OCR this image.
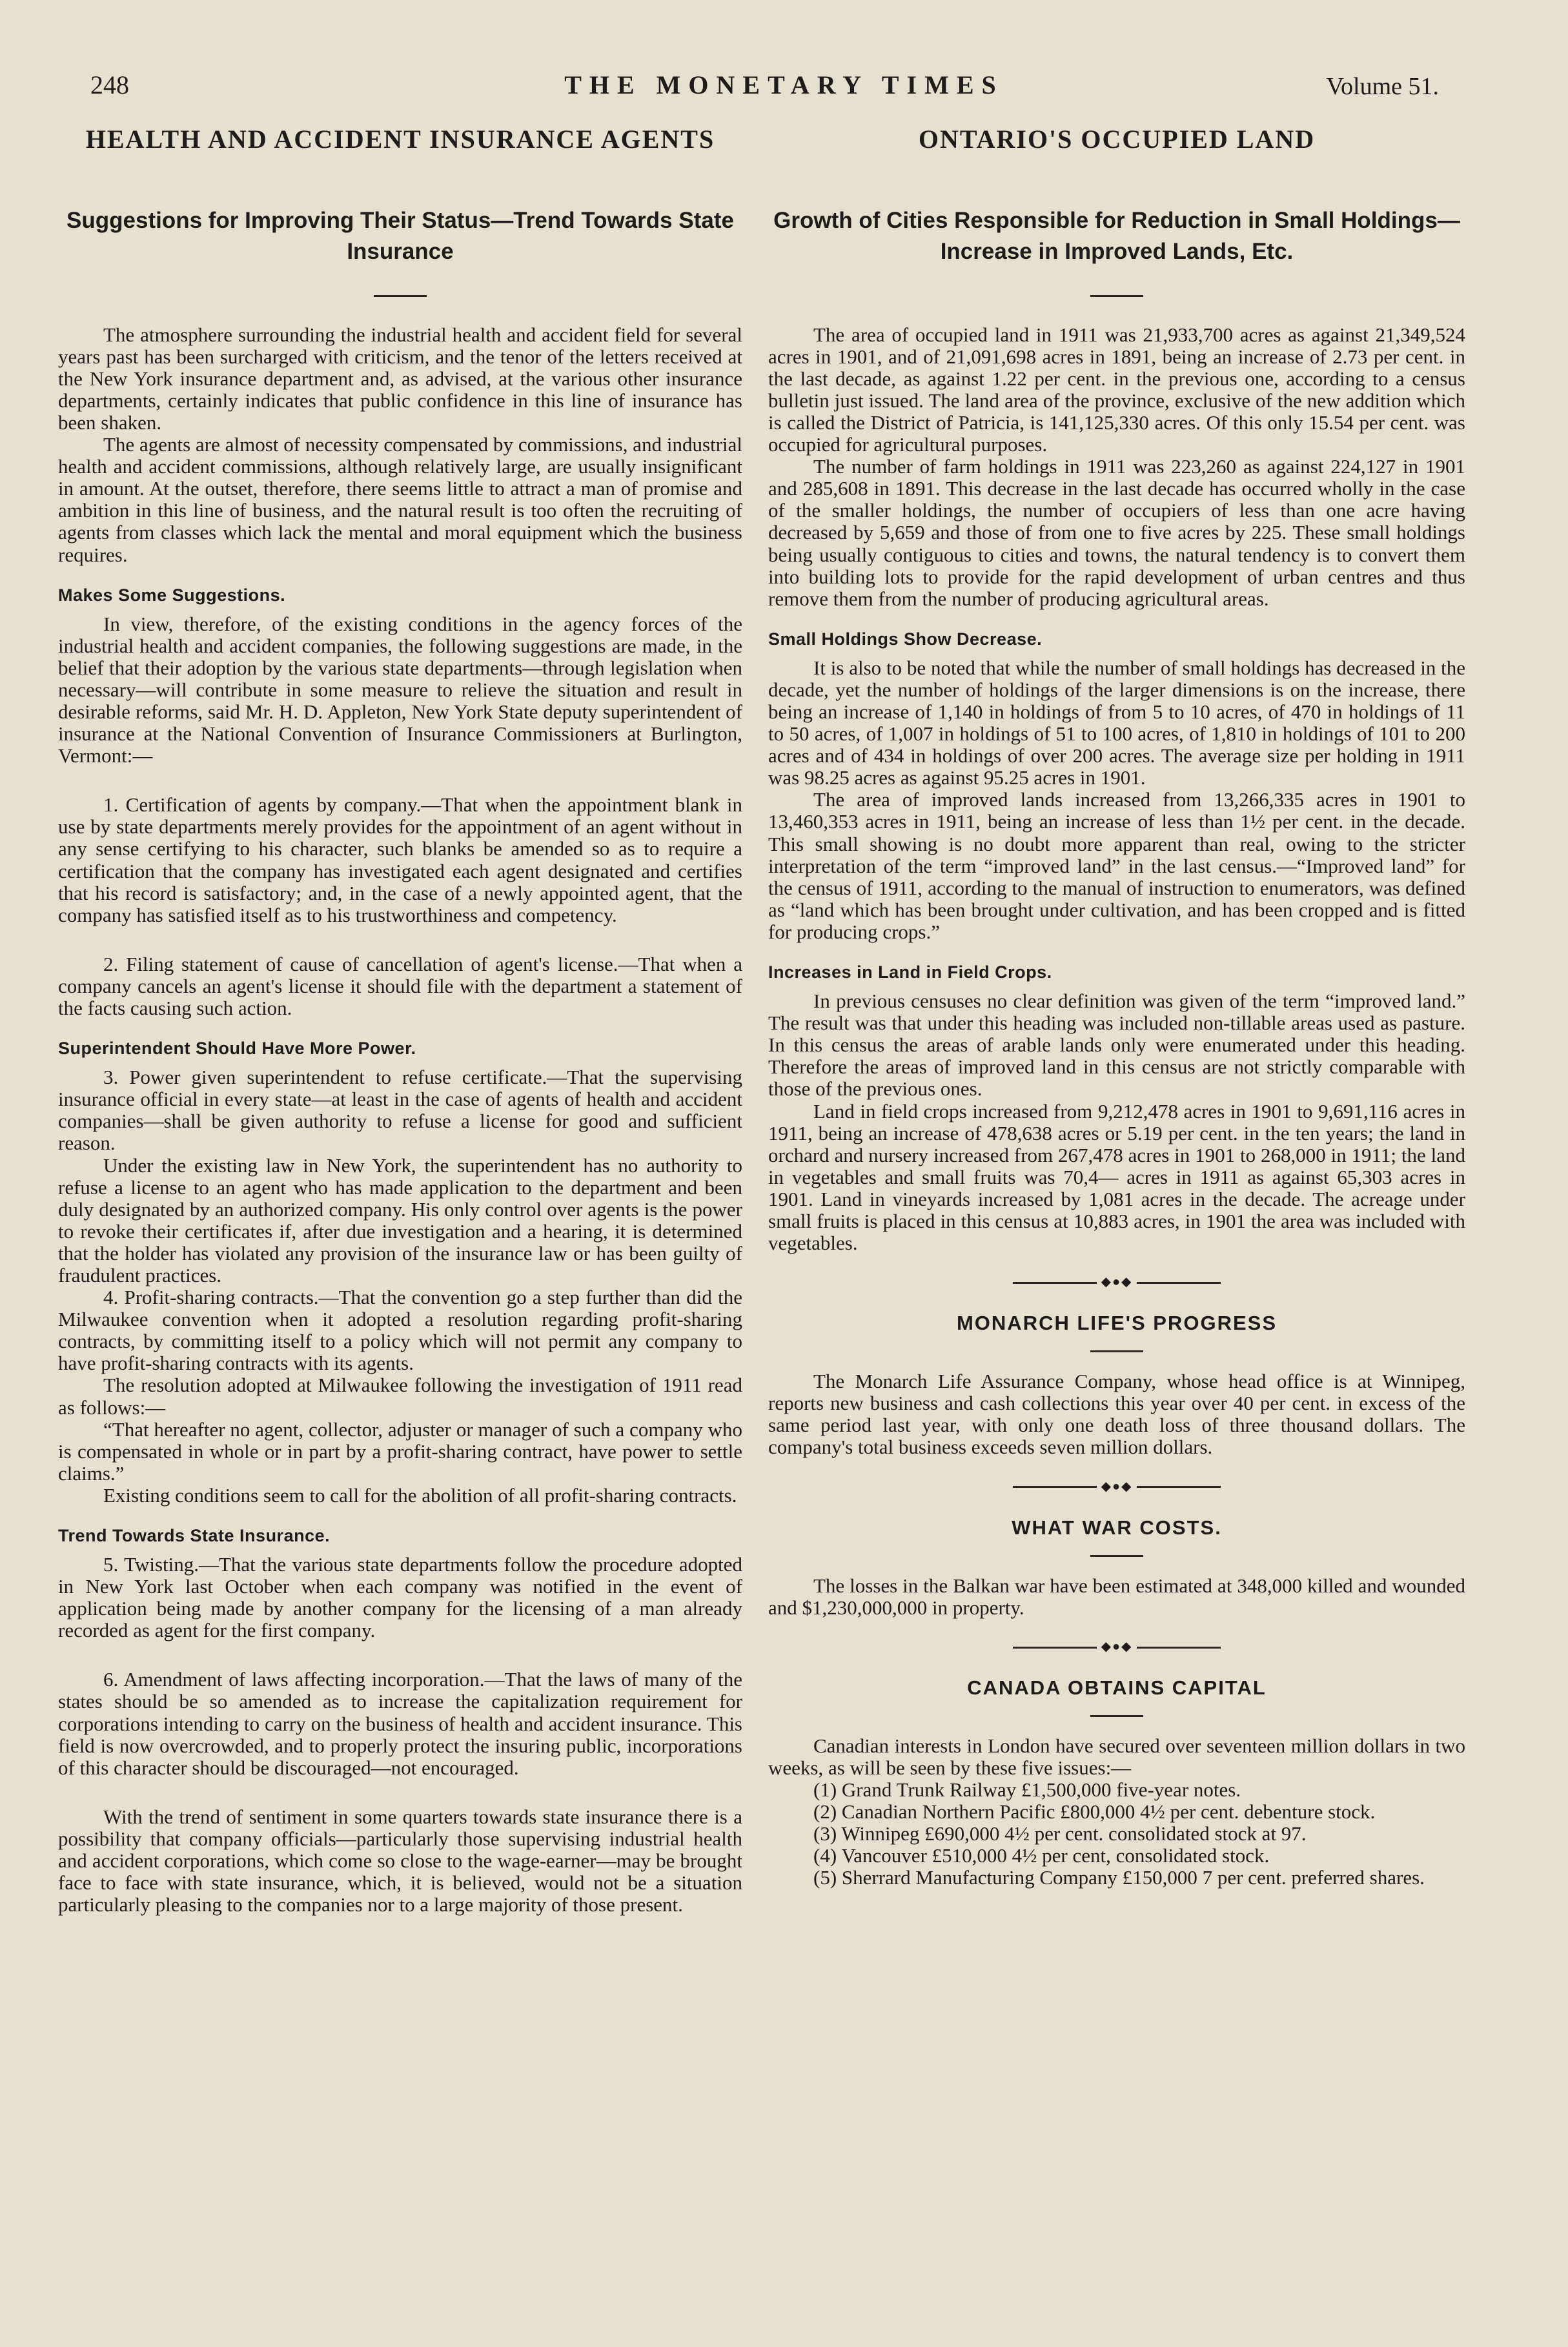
THE MONETARY TIMES
248	Volume 51.
HEALTH AND ACCIDENT INSURANCE AGENTS
Suggestions for Improving Their Status—Trend Towards State Insurance

The atmosphere surrounding the industrial health and accident field for several years past has been surcharged with criticism, and the tenor of the letters received at the New York insurance department and, as advised, at the various other insurance departments, certainly indicates that public confidence in this line of insurance has been shaken.

The agents are almost of necessity compensated by commissions, and industrial health and accident commissions, although relatively large, are usually insignificant in amount. At the outset, therefore, there seems little to attract a man of promise and ambition in this line of business, and the natural result is too often the recruiting of agents from classes which lack the mental and moral equipment which the business requires.

Makes Some Suggestions.

In view, therefore, of the existing conditions in the agency forces of the industrial health and accident companies, the following suggestions are made, in the belief that their adoption by the various state departments—through legislation when necessary—will contribute in some measure to relieve the situation and result in desirable reforms, said Mr. H. D. Appleton, New York State deputy superintendent of insurance at the National Convention of Insurance Commissioners at Burlington, Vermont:—

1. Certification of agents by company.—That when the appointment blank in use by state departments merely provides for the appointment of an agent without in any sense certifying to his character, such blanks be amended so as to require a certification that the company has investigated each agent designated and certifies that his record is satisfactory; and, in the case of a newly appointed agent, that the company has satisfied itself as to his trustworthiness and competency.

2. Filing statement of cause of cancellation of agent's license.—That when a company cancels an agent's license it should file with the department a statement of the facts causing such action.

Superintendent Should Have More Power.

3. Power given superintendent to refuse certificate.—That the supervising insurance official in every state—at least in the case of agents of health and accident companies—shall be given authority to refuse a license for good and sufficient reason.

Under the existing law in New York, the superintendent has no authority to refuse a license to an agent who has made application to the department and been duly designated by an authorized company. His only control over agents is the power to revoke their certificates if, after due investigation and a hearing, it is determined that the holder has violated any provision of the insurance law or has been guilty of fraudulent practices.

4. Profit-sharing contracts.—That the convention go a step further than did the Milwaukee convention when it adopted a resolution regarding profit-sharing contracts, by committing itself to a policy which will not permit any company to have profit-sharing contracts with its agents.

The resolution adopted at Milwaukee following the investigation of 1911 read as follows:—

“That hereafter no agent, collector, adjuster or manager of such a company who is compensated in whole or in part by a profit-sharing contract, have power to settle claims.”

Existing conditions seem to call for the abolition of all profit-sharing contracts.

Trend Towards State Insurance.

5. Twisting.—That the various state departments follow the procedure adopted in New York last October when each company was notified in the event of application being made by another company for the licensing of a man already recorded as agent for the first company.

6. Amendment of laws affecting incorporation.—That the laws of many of the states should be so amended as to increase the capitalization requirement for corporations intending to carry on the business of health and accident insurance. This field is now overcrowded, and to properly protect the insuring public, incorporations of this character should be discouraged—not encouraged.

With the trend of sentiment in some quarters towards state insurance there is a possibility that company officials—particularly those supervising industrial health and accident corporations, which come so close to the wage-earner—may be brought face to face with state insurance, which, it is believed, would not be a situation particularly pleasing to the companies nor to a large majority of those present.

ONTARIO'S OCCUPIED LAND
Growth of Cities Responsible for Reduction in Small Holdings—Increase in Improved Lands, Etc.

The area of occupied land in 1911 was 21,933,700 acres as against 21,349,524 acres in 1901, and of 21,091,698 acres in 1891, being an increase of 2.73 per cent. in the last decade, as against 1.22 per cent. in the previous one, according to a census bulletin just issued. The land area of the province, exclusive of the new addition which is called the District of Patricia, is 141,125,330 acres. Of this only 15.54 per cent. was occupied for agricultural purposes.

The number of farm holdings in 1911 was 223,260 as against 224,127 in 1901 and 285,608 in 1891. This decrease in the last decade has occurred wholly in the case of the smaller holdings, the number of occupiers of less than one acre having decreased by 5,659 and those of from one to five acres by 225. These small holdings being usually contiguous to cities and towns, the natural tendency is to convert them into building lots to provide for the rapid development of urban centres and thus remove them from the number of producing agricultural areas.

Small Holdings Show Decrease.

It is also to be noted that while the number of small holdings has decreased in the decade, yet the number of holdings of the larger dimensions is on the increase, there being an increase of 1,140 in holdings of from 5 to 10 acres, of 470 in holdings of 11 to 50 acres, of 1,007 in holdings of 51 to 100 acres, of 1,810 in holdings of 101 to 200 acres and of 434 in holdings of over 200 acres. The average size per holding in 1911 was 98.25 acres as against 95.25 acres in 1901.

The area of improved lands increased from 13,266,335 acres in 1901 to 13,460,353 acres in 1911, being an increase of less than 1½ per cent. in the decade. This small showing is no doubt more apparent than real, owing to the stricter interpretation of the term “improved land” in the last census.—“Improved land” for the census of 1911, according to the manual of instruction to enumerators, was defined as “land which has been brought under cultivation, and has been cropped and is fitted for producing crops.”

Increases in Land in Field Crops.

In previous censuses no clear definition was given of the term “improved land.” The result was that under this heading was included non-tillable areas used as pasture. In this census the areas of arable lands only were enumerated under this heading. Therefore the areas of improved land in this census are not strictly comparable with those of the previous ones.

Land in field crops increased from 9,212,478 acres in 1901 to 9,691,116 acres in 1911, being an increase of 478,638 acres or 5.19 per cent. in the ten years; the land in orchard and nursery increased from 267,478 acres in 1901 to 268,000 in 1911; the land in vegetables and small fruits was 70,4— acres in 1911 as against 65,303 acres in 1901. Land in vineyards increased by 1,081 acres in the decade. The acreage under small fruits is placed in this census at 10,883 acres, in 1901 the area was included with vegetables.

◆●◆
MONARCH LIFE'S PROGRESS

The Monarch Life Assurance Company, whose head office is at Winnipeg, reports new business and cash collections this year over 40 per cent. in excess of the same period last year, with only one death loss of three thousand dollars. The company's total business exceeds seven million dollars.

◆●◆
WHAT WAR COSTS.

The losses in the Balkan war have been estimated at 348,000 killed and wounded and $1,230,000,000 in property.

◆●◆
CANADA OBTAINS CAPITAL

Canadian interests in London have secured over seventeen million dollars in two weeks, as will be seen by these five issues:—

(1) Grand Trunk Railway £1,500,000 five-year notes.

(2) Canadian Northern Pacific £800,000 4½ per cent. debenture stock.

(3) Winnipeg £690,000 4½ per cent. consolidated stock at 97.

(4) Vancouver £510,000 4½ per cent, consolidated stock.

(5) Sherrard Manufacturing Company £150,000 7 per cent. preferred shares.
